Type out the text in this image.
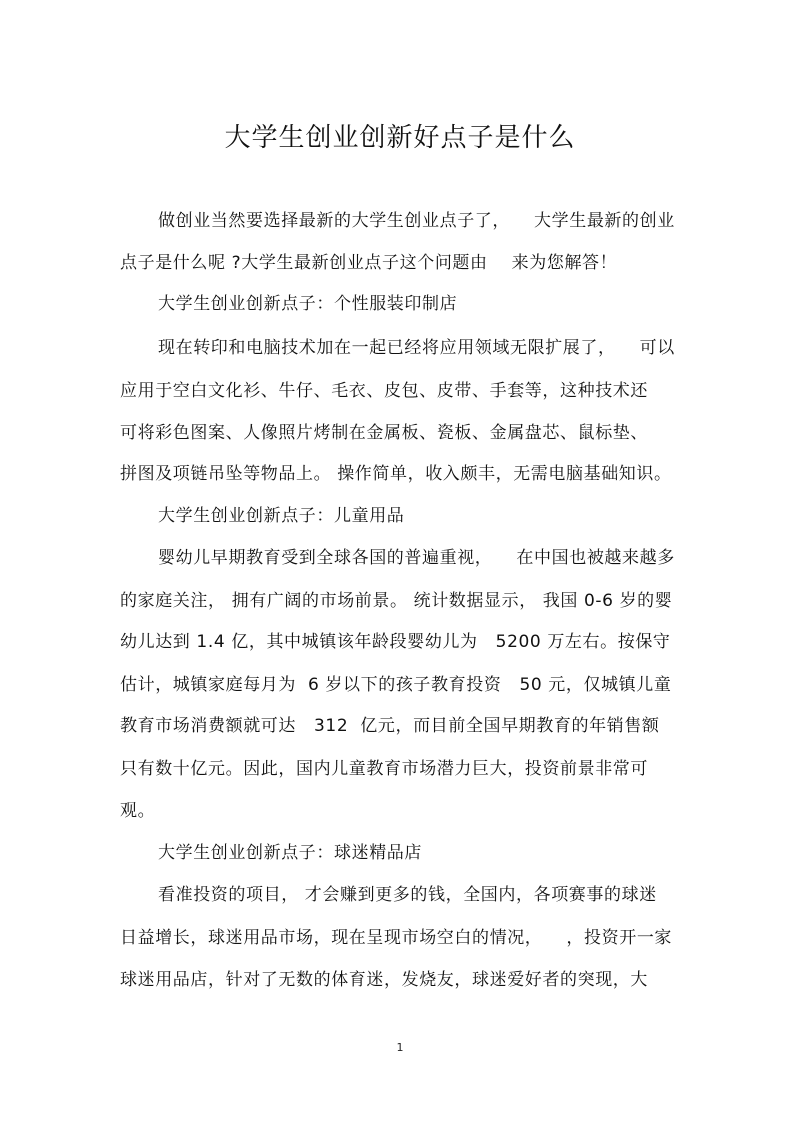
大学生创业创新好点子是什么
做创业当然要选择最新的大学生创业点子了，    大学生最新的创业
点子是什么呢 ?大学生最新创业点子这个问题由    来为您解答！
大学生创业创新点子：个性服装印制店
现在转印和电脑技术加在一起已经将应用领域无限扩展了，    可以
应用于空白文化衫、牛仔、毛衣、皮包、皮带、手套等，这种技术还
可将彩色图案、人像照片烤制在金属板、瓷板、金属盘芯、鼠标垫、
拼图及项链吊坠等物品上。 操作简单，收入颇丰，无需电脑基础知识。
大学生创业创新点子：儿童用品
婴幼儿早期教育受到全球各国的普遍重视，    在中国也被越来越多
的家庭关注， 拥有广阔的市场前景。 统计数据显示， 我国 0-6 岁的婴
幼儿达到 1.4 亿，其中城镇该年龄段婴幼儿为   5200 万左右。按保守
估计，城镇家庭每月为  6 岁以下的孩子教育投资   50 元，仅城镇儿童
教育市场消费额就可达   312  亿元，而目前全国早期教育的年销售额
只有数十亿元。因此，国内儿童教育市场潜力巨大，投资前景非常可
观。
大学生创业创新点子：球迷精品店
看准投资的项目， 才会赚到更多的钱，全国内，各项赛事的球迷
日益增长，球迷用品市场，现在呈现市场空白的情况，    ，投资开一家
球迷用品店，针对了无数的体育迷，发烧友，球迷爱好者的突现，大
1
